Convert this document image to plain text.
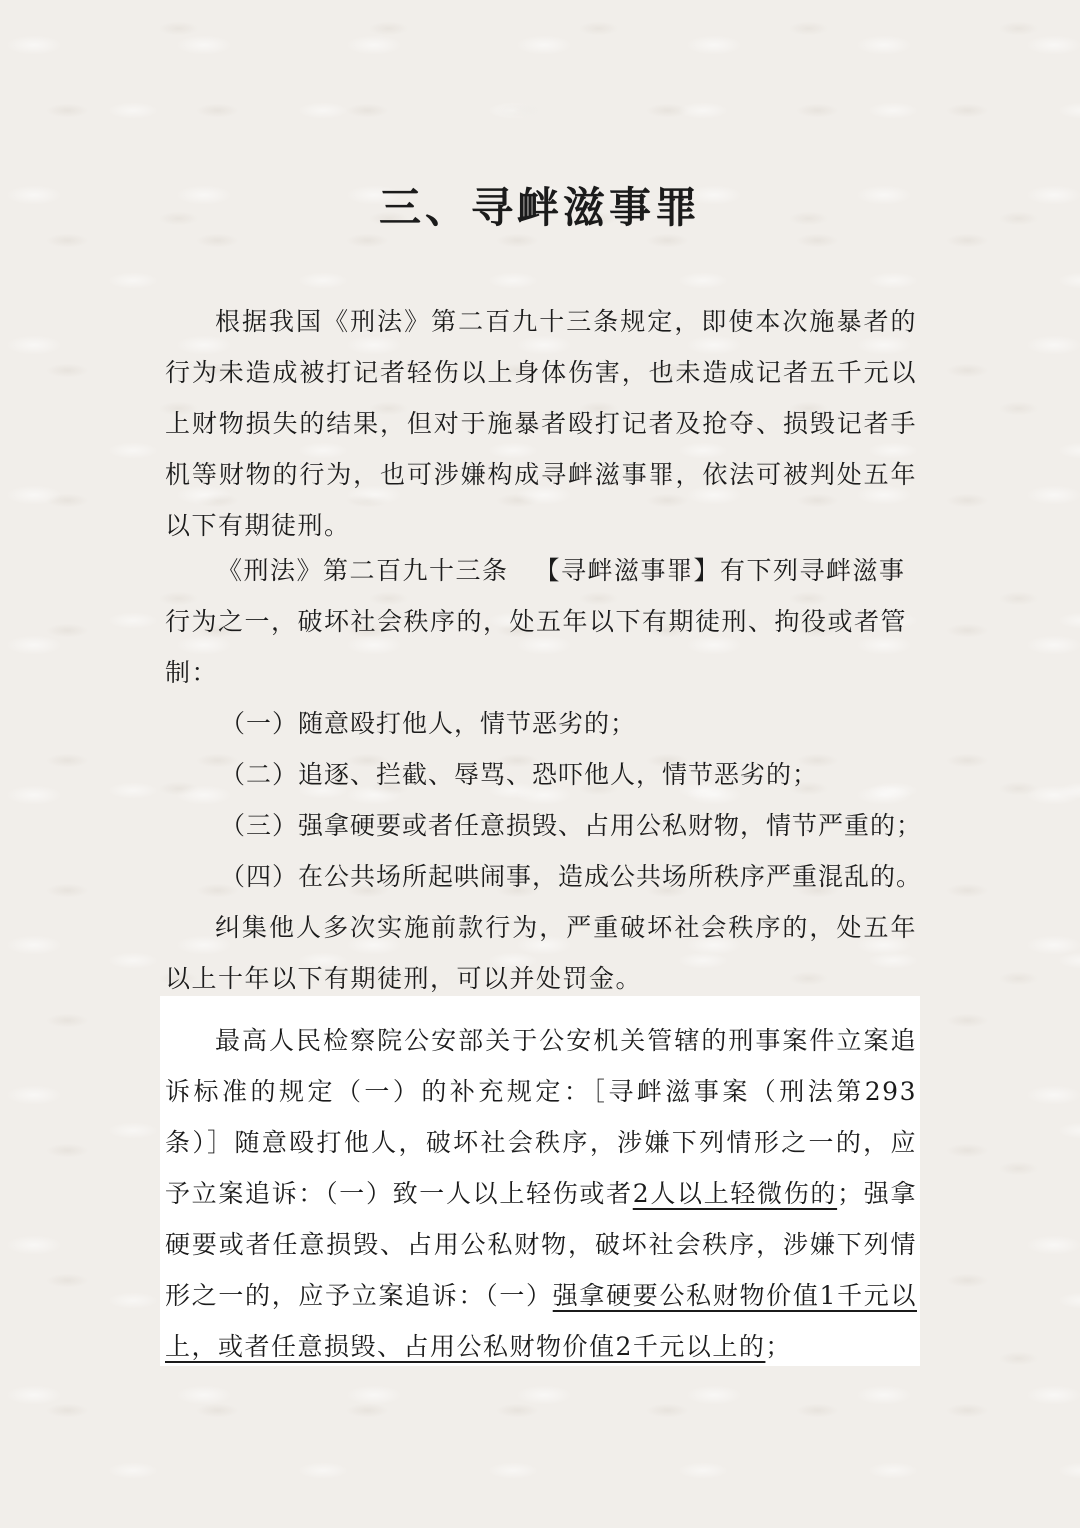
三、寻衅滋事罪
根据我国《刑法》第二百九十三条规定，即使本次施暴者的行为未造成被打记者轻伤以上身体伤害，也未造成记者五千元以上财物损失的结果，但对于施暴者殴打记者及抢夺、损毁记者手机等财物的行为，也可涉嫌构成寻衅滋事罪，依法可被判处五年以下有期徒刑。
《刑法》第二百九十三条 【寻衅滋事罪】有下列寻衅滋事
行为之一，破坏社会秩序的，处五年以下有期徒刑、拘役或者管
制：
（一）随意殴打他人，情节恶劣的；
（二）追逐、拦截、辱骂、恐吓他人，情节恶劣的；
（三）强拿硬要或者任意损毁、占用公私财物，情节严重的；
（四）在公共场所起哄闹事，造成公共场所秩序严重混乱的。
纠集他人多次实施前款行为，严重破坏社会秩序的，处五年以上十年以下有期徒刑，可以并处罚金。
最高人民检察院公安部关于公安机关管辖的刑事案件立案追诉标准的规定（一）的补充规定：［寻衅滋事案（刑法第293条）］随意殴打他人，破坏社会秩序，涉嫌下列情形之一的，应予立案追诉：（一）致一人以上轻伤或者2人以上轻微伤的；强拿硬要或者任意损毁、占用公私财物，破坏社会秩序，涉嫌下列情形之一的，应予立案追诉：（一）强拿硬要公私财物价值1千元以上，或者任意损毁、占用公私财物价值2千元以上的；
